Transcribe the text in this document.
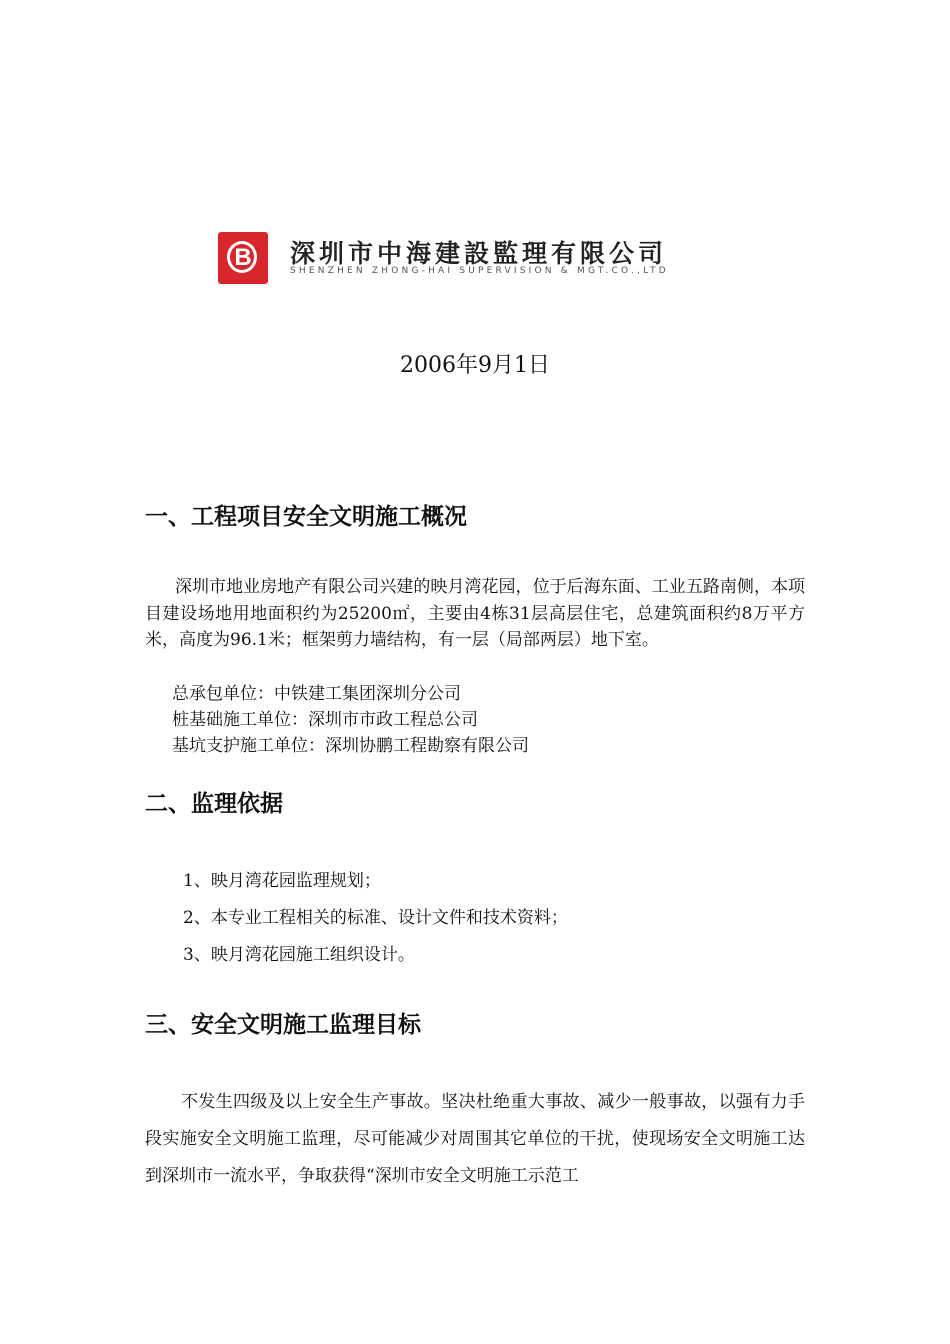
B	深圳市中海建設監理有限公司
SHENZHEN ZHONG-HAI SUPERVISION & MGT.CO.,LTD
2006年9月1日
一、工程项目安全文明施工概况

深圳市地业房地产有限公司兴建的映月湾花园，位于后海东面、工业五路南侧，本项目建设场地用地面积约为25200㎡，主要由4栋31层高层住宅，总建筑面积约8万平方米，高度为96.1米；框架剪力墙结构，有一层（局部两层）地下室。

总承包单位：中铁建工集团深圳分公司

桩基础施工单位：深圳市市政工程总公司

基坑支护施工单位：深圳协鹏工程勘察有限公司

二、监理依据

1、映月湾花园监理规划；

2、本专业工程相关的标准、设计文件和技术资料；

3、映月湾花园施工组织设计。

三、安全文明施工监理目标

不发生四级及以上安全生产事故。坚决杜绝重大事故、减少一般事故，以强有力手段实施安全文明施工监理，尽可能减少对周围其它单位的干扰，使现场安全文明施工达到深圳市一流水平，争取获得“深圳市安全文明施工示范工
